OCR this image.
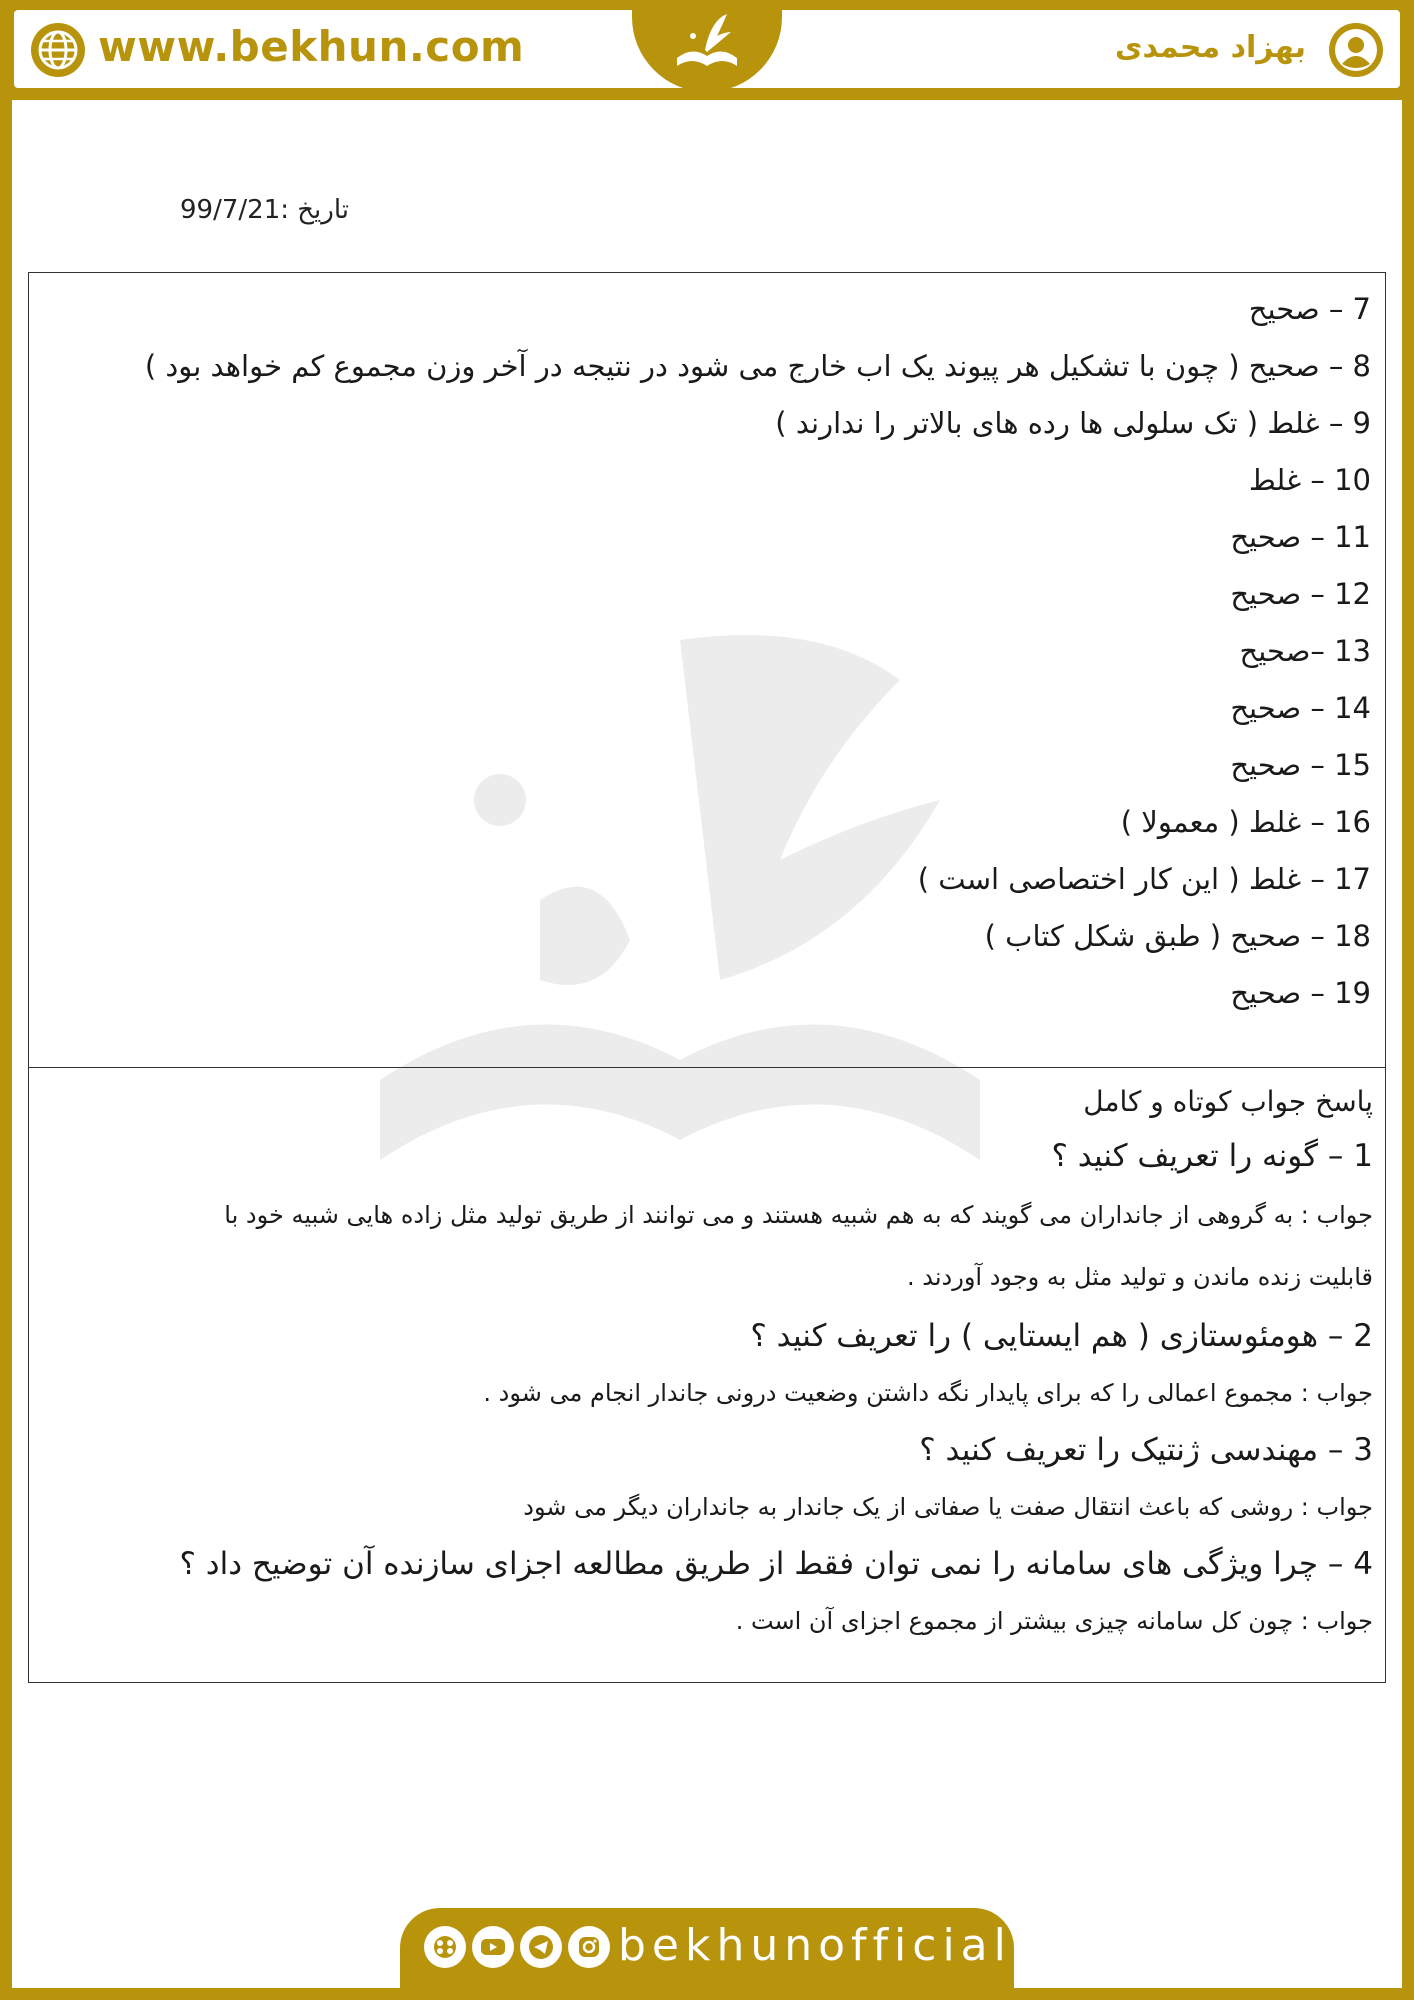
www.bekhun.com	بهزاد محمدی
تاریخ :99/7/21
7 – صحیح
8 – صحیح ( چون با تشکیل هر پیوند یک اب خارج می شود در نتیجه در آخر وزن مجموع کم خواهد بود )
9 – غلط ( تک سلولی ها رده های بالاتر را ندارند )
10 – غلط
11 – صحیح
12 – صحیح
13 –صحیح
14 – صحیح
15 – صحیح
16 – غلط ( معمولا )
17 – غلط ( این کار اختصاصی است )
18 – صحیح ( طبق شکل کتاب )
19 – صحیح
پاسخ جواب کوتاه و کامل
1 – گونه را تعریف کنید ؟
جواب : به گروهی از جانداران می گویند که به هم شبیه هستند و می توانند از طریق تولید مثل زاده هایی شبیه خود با
قابلیت زنده ماندن و تولید مثل به وجود آوردند .
2 – هومئوستازی ( هم ایستایی ) را تعریف کنید ؟
جواب : مجموع اعمالی را که برای پایدار نگه داشتن وضعیت درونی جاندار انجام می شود .
3 – مهندسی ژنتیک را تعریف کنید ؟
جواب : روشی که باعث انتقال صفت یا صفاتی از یک جاندار به جانداران دیگر می شود
4 – چرا ویژگی های سامانه را نمی توان فقط از طریق مطالعه اجزای سازنده آن توضیح داد ؟
جواب : چون کل سامانه چیزی بیشتر از مجموع اجزای آن است .
bekhunofficial
